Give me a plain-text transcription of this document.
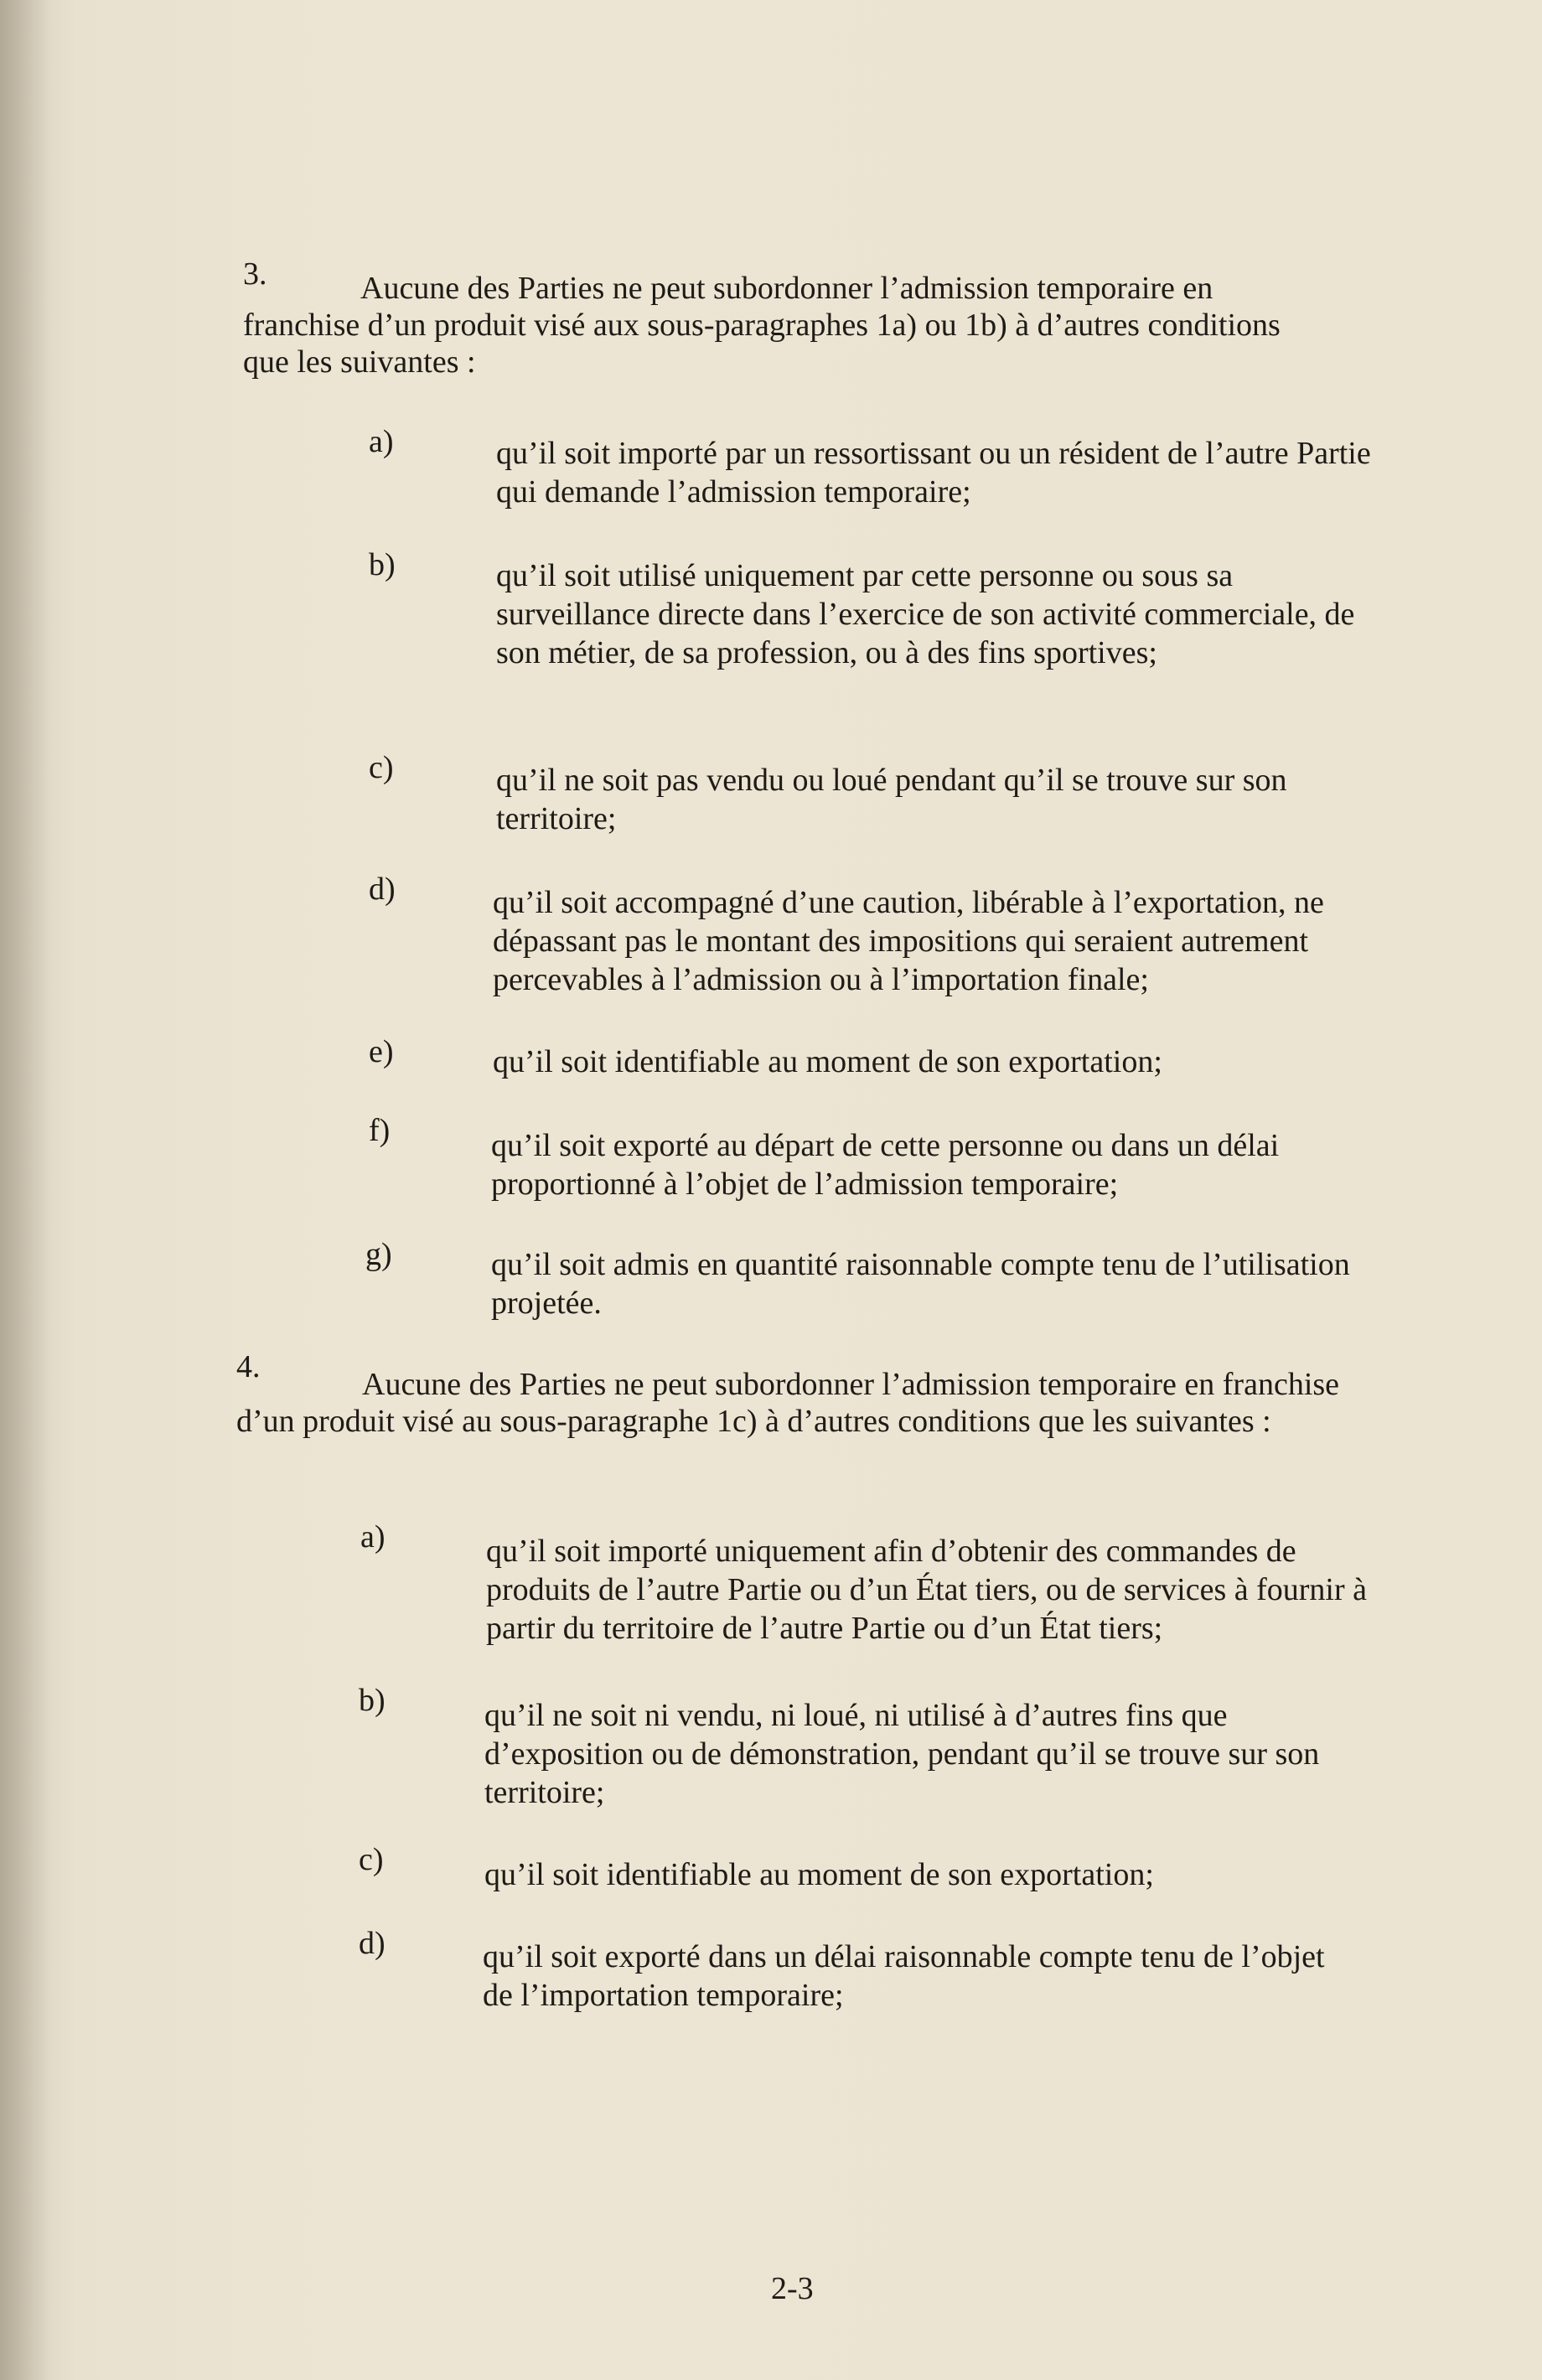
3.	Aucune des Parties ne peut subordonner l’admission temporaire en franchise d’un produit visé aux sous-paragraphes 1a) ou 1b) à d’autres conditions que les suivantes :
a)	qu’il soit importé par un ressortissant ou un résident de l’autre Partie qui demande l’admission temporaire;
b)	qu’il soit utilisé uniquement par cette personne ou sous sa surveillance directe dans l’exercice de son activité commerciale, de son métier, de sa profession, ou à des fins sportives;
c)	qu’il ne soit pas vendu ou loué pendant qu’il se trouve sur son territoire;
d)	qu’il soit accompagné d’une caution, libérable à l’exportation, ne dépassant pas le montant des impositions qui seraient autrement percevables à l’admission ou à l’importation finale;
e)	qu’il soit identifiable au moment de son exportation;
f)	qu’il soit exporté au départ de cette personne ou dans un délai proportionné à l’objet de l’admission temporaire;
g)	qu’il soit admis en quantité raisonnable compte tenu de l’utilisation projetée.
4.	Aucune des Parties ne peut subordonner l’admission temporaire en franchise d’un produit visé au sous-paragraphe 1c) à d’autres conditions que les suivantes :
a)	qu’il soit importé uniquement afin d’obtenir des commandes de produits de l’autre Partie ou d’un État tiers, ou de services à fournir à partir du territoire de l’autre Partie ou d’un État tiers;
b)	qu’il ne soit ni vendu, ni loué, ni utilisé à d’autres fins que d’exposition ou de démonstration, pendant qu’il se trouve sur son territoire;
c)	qu’il soit identifiable au moment de son exportation;
d)	qu’il soit exporté dans un délai raisonnable compte tenu de l’objet de l’importation temporaire;
2-3
